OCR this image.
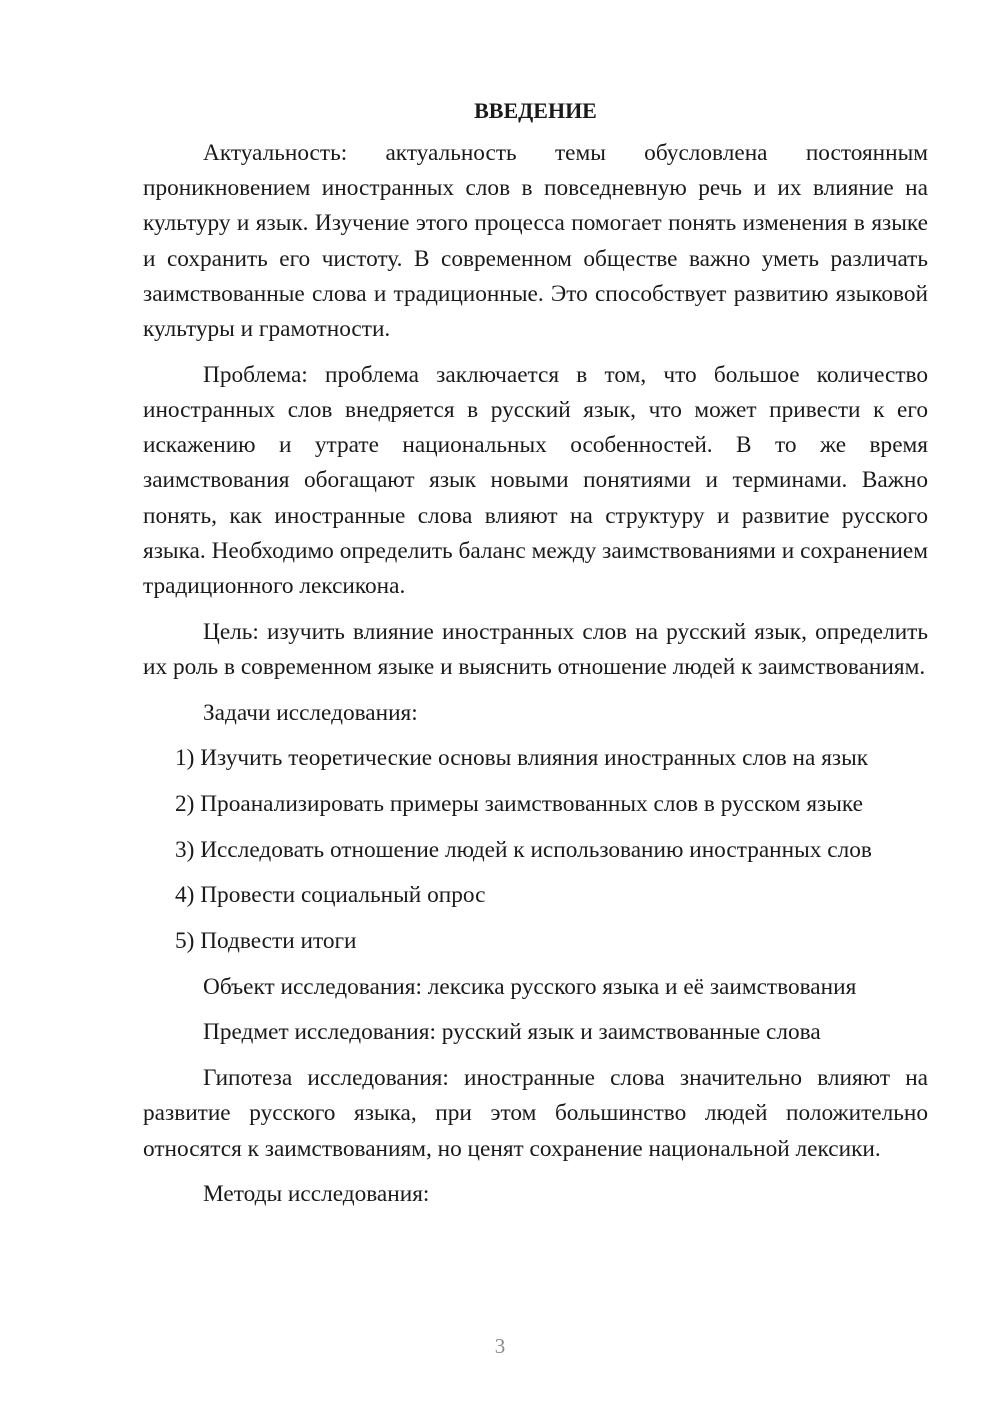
ВВЕДЕНИЕ

Актуальность: актуальность темы обусловлена постоянным проникновением иностранных слов в повседневную речь и их влияние на культуру и язык. Изучение этого процесса помогает понять изменения в языке и сохранить его чистоту. В современном обществе важно уметь различать заимствованные слова и традиционные. Это способствует развитию языковой культуры и грамотности.

Проблема: проблема заключается в том, что большое количество иностранных слов внедряется в русский язык, что может привести к его искажению и утрате национальных особенностей. В то же время заимствования обогащают язык новыми понятиями и терминами. Важно понять, как иностранные слова влияют на структуру и развитие русского языка. Необходимо определить баланс между заимствованиями и сохранением традиционного лексикона.

Цель: изучить влияние иностранных слов на русский язык, определить их роль в современном языке и выяснить отношение людей к заимствованиям.

Задачи исследования:

1) Изучить теоретические основы влияния иностранных слов на язык
2) Проанализировать примеры заимствованных слов в русском языке
3) Исследовать отношение людей к использованию иностранных слов
4) Провести социальный опрос
5) Подвести итоги

Объект исследования: лексика русского языка и её заимствования

Предмет исследования: русский язык и заимствованные слова

Гипотеза исследования: иностранные слова значительно влияют на развитие русского языка, при этом большинство людей положительно относятся к заимствованиям, но ценят сохранение национальной лексики.

Методы исследования:

3
